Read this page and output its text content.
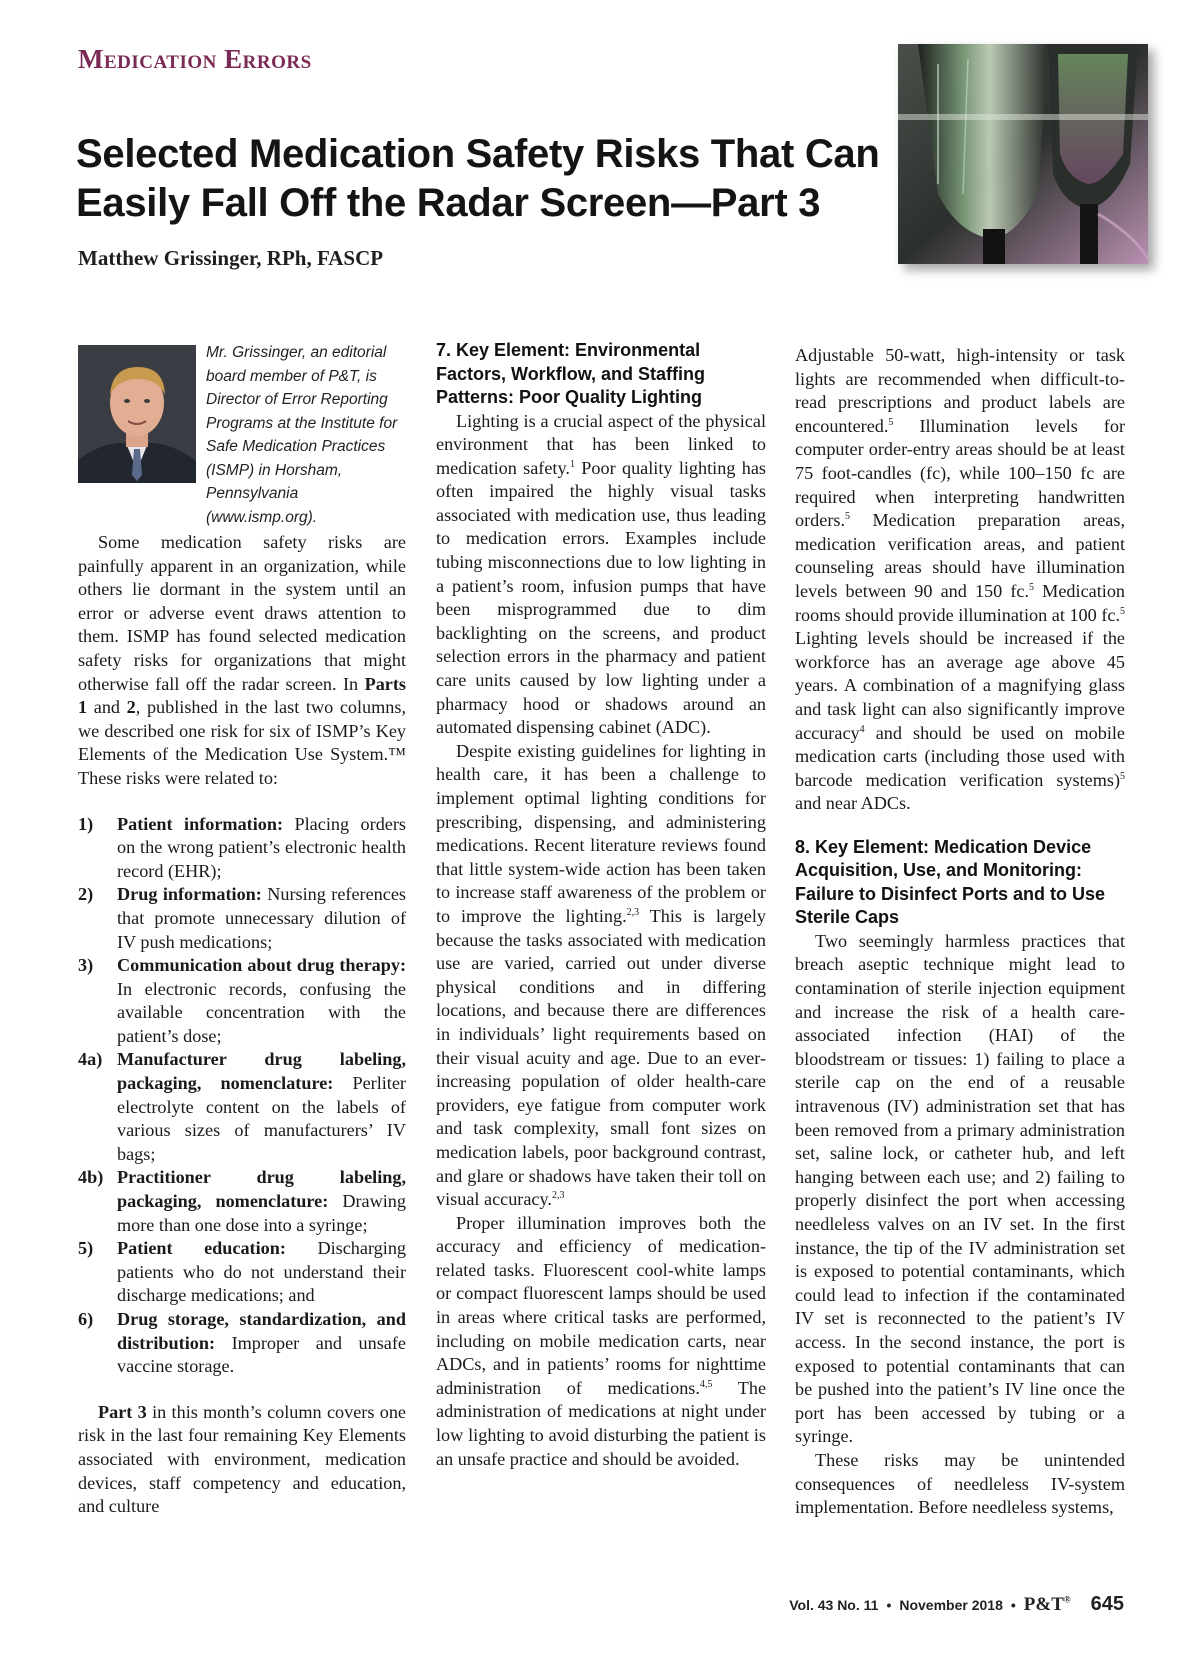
Medication Errors
Selected Medication Safety Risks That Can Easily Fall Off the Radar Screen—Part 3
Matthew Grissinger, RPh, FASCP

Mr. Grissinger, an editorial board member of P&T, is Director of Error Reporting Programs at the Institute for Safe Medication Practices (ISMP) in Horsham, Pennsylvania (www.ismp.org).

Some medication safety risks are painfully apparent in an organization, while others lie dormant in the system until an error or adverse event draws attention to them. ISMP has found selected medication safety risks for organizations that might otherwise fall off the radar screen. In Parts 1 and 2, published in the last two columns, we described one risk for six of ISMP’s Key Elements of the Medication Use System.™ These risks were related to:

1) Patient information: Placing orders on the wrong patient’s electronic health record (EHR);
2) Drug information: Nursing references that promote unnecessary dilution of IV push medications;
3) Communication about drug therapy: In electronic records, confusing the available concentration with the patient’s dose;
4a) Manufacturer drug labeling, packaging, nomenclature: Perliter electrolyte content on the labels of various sizes of manufacturers’ IV bags;
4b) Practitioner drug labeling, packaging, nomenclature: Drawing more than one dose into a syringe;
5) Patient education: Discharging patients who do not understand their discharge medications; and
6) Drug storage, standardization, and distribution: Improper and unsafe vaccine storage.

Part 3 in this month’s column covers one risk in the last four remaining Key Elements associated with environment, medication devices, staff competency and education, and culture

7. Key Element: Environmental Factors, Workflow, and Staffing Patterns: Poor Quality Lighting

Lighting is a crucial aspect of the physical environment that has been linked to medication safety.$^1$ Poor quality lighting has often impaired the highly visual tasks associated with medication use, thus leading to medication errors. Examples include tubing misconnections due to low lighting in a patient’s room, infusion pumps that have been misprogrammed due to dim backlighting on the screens, and product selection errors in the pharmacy and patient care units caused by low lighting under a pharmacy hood or shadows around an automated dispensing cabinet (ADC).

Despite existing guidelines for lighting in health care, it has been a challenge to implement optimal lighting conditions for prescribing, dispensing, and administering medications. Recent literature reviews found that little system-wide action has been taken to increase staff awareness of the problem or to improve the lighting.$^{2,3}$ This is largely because the tasks associated with medication use are varied, carried out under diverse physical conditions and in differing locations, and because there are differences in individuals’ light requirements based on their visual acuity and age. Due to an ever-increasing population of older health-care providers, eye fatigue from computer work and task complexity, small font sizes on medication labels, poor background contrast, and glare or shadows have taken their toll on visual accuracy.$^{2,3}$

Proper illumination improves both the accuracy and efficiency of medication-related tasks. Fluorescent cool-white lamps or compact fluorescent lamps should be used in areas where critical tasks are performed, including on mobile medication carts, near ADCs, and in patients’ rooms for nighttime administration of medications.$^{4,5}$ The administration of medications at night under low lighting to avoid disturbing the patient is an unsafe practice and should be avoided.

Adjustable 50-watt, high-intensity or task lights are recommended when difficult-to-read prescriptions and product labels are encountered.$^5$ Illumination levels for computer order-entry areas should be at least 75 foot-candles (fc), while 100–150 fc are required when interpreting handwritten orders.$^5$ Medication preparation areas, medication verification areas, and patient counseling areas should have illumination levels between 90 and 150 fc.$^5$ Medication rooms should provide illumination at 100 fc.$^5$ Lighting levels should be increased if the workforce has an average age above 45 years. A combination of a magnifying glass and task light can also significantly improve accuracy$^4$ and should be used on mobile medication carts (including those used with barcode medication verification systems)$^5$ and near ADCs.

8. Key Element: Medication Device Acquisition, Use, and Monitoring: Failure to Disinfect Ports and to Use Sterile Caps

Two seemingly harmless practices that breach aseptic technique might lead to contamination of sterile injection equipment and increase the risk of a health care-associated infection (HAI) of the bloodstream or tissues: 1) failing to place a sterile cap on the end of a reusable intravenous (IV) administration set that has been removed from a primary administration set, saline lock, or catheter hub, and left hanging between each use; and 2) failing to properly disinfect the port when accessing needleless valves on an IV set. In the first instance, the tip of the IV administration set is exposed to potential contaminants, which could lead to infection if the contaminated IV set is reconnected to the patient’s IV access. In the second instance, the port is exposed to potential contaminants that can be pushed into the patient’s IV line once the port has been accessed by tubing or a syringe.

These risks may be unintended consequences of needleless IV-system implementation. Before needleless systems,

Vol. 43 No. 11 • November 2018 • P&T® 645
